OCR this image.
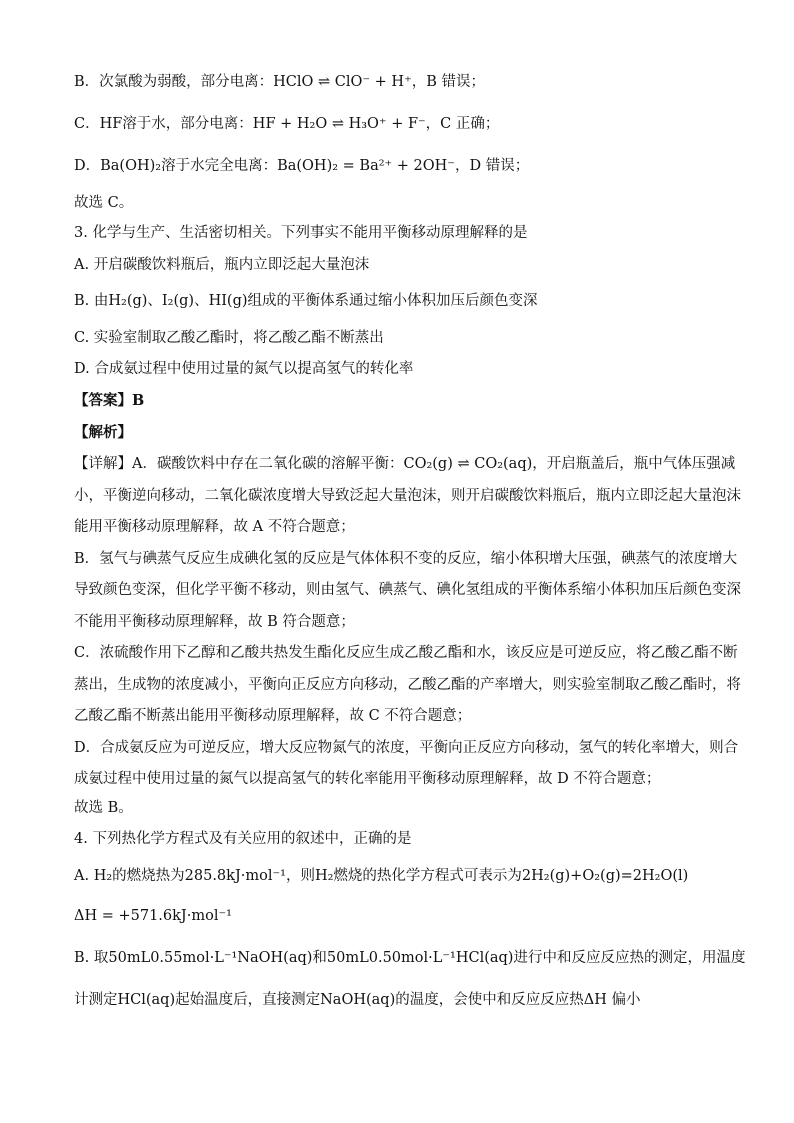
B．次氯酸为弱酸，部分电离：HClO ⇌ ClO⁻ + H⁺，B 错误；
C．HF溶于水，部分电离：HF + H₂O ⇌ H₃O⁺ + F⁻，C 正确；
D．Ba(OH)₂溶于水完全电离：Ba(OH)₂ = Ba²⁺ + 2OH⁻，D 错误；
故选 C。
3. 化学与生产、生活密切相关。下列事实不能用平衡移动原理解释的是
A. 开启碳酸饮料瓶后，瓶内立即泛起大量泡沫
B. 由H₂(g)、I₂(g)、HI(g)组成的平衡体系通过缩小体积加压后颜色变深
C. 实验室制取乙酸乙酯时，将乙酸乙酯不断蒸出
D. 合成氨过程中使用过量的氮气以提高氢气的转化率
【答案】B
【解析】
【详解】A．碳酸饮料中存在二氧化碳的溶解平衡：CO₂(g) ⇌ CO₂(aq)，开启瓶盖后，瓶中气体压强减
小，平衡逆向移动，二氧化碳浓度增大导致泛起大量泡沫，则开启碳酸饮料瓶后，瓶内立即泛起大量泡沫
能用平衡移动原理解释，故 A 不符合题意；
B．氢气与碘蒸气反应生成碘化氢的反应是气体体积不变的反应，缩小体积增大压强，碘蒸气的浓度增大
导致颜色变深，但化学平衡不移动，则由氢气、碘蒸气、碘化氢组成的平衡体系缩小体积加压后颜色变深
不能用平衡移动原理解释，故 B 符合题意；
C．浓硫酸作用下乙醇和乙酸共热发生酯化反应生成乙酸乙酯和水，该反应是可逆反应，将乙酸乙酯不断
蒸出，生成物的浓度减小，平衡向正反应方向移动，乙酸乙酯的产率增大，则实验室制取乙酸乙酯时，将
乙酸乙酯不断蒸出能用平衡移动原理解释，故 C 不符合题意；
D．合成氨反应为可逆反应，增大反应物氮气的浓度，平衡向正反应方向移动，氢气的转化率增大，则合
成氨过程中使用过量的氮气以提高氢气的转化率能用平衡移动原理解释，故 D 不符合题意；
故选 B。
4. 下列热化学方程式及有关应用的叙述中，正确的是
A. H₂的燃烧热为285.8kJ·mol⁻¹，则H₂燃烧的热化学方程式可表示为2H₂(g)+O₂(g)=2H₂O(l)
ΔH = +571.6kJ·mol⁻¹
B. 取50mL0.55mol·L⁻¹NaOH(aq)和50mL0.50mol·L⁻¹HCl(aq)进行中和反应反应热的测定，用温度
计测定HCl(aq)起始温度后，直接测定NaOH(aq)的温度，会使中和反应反应热ΔH 偏小
